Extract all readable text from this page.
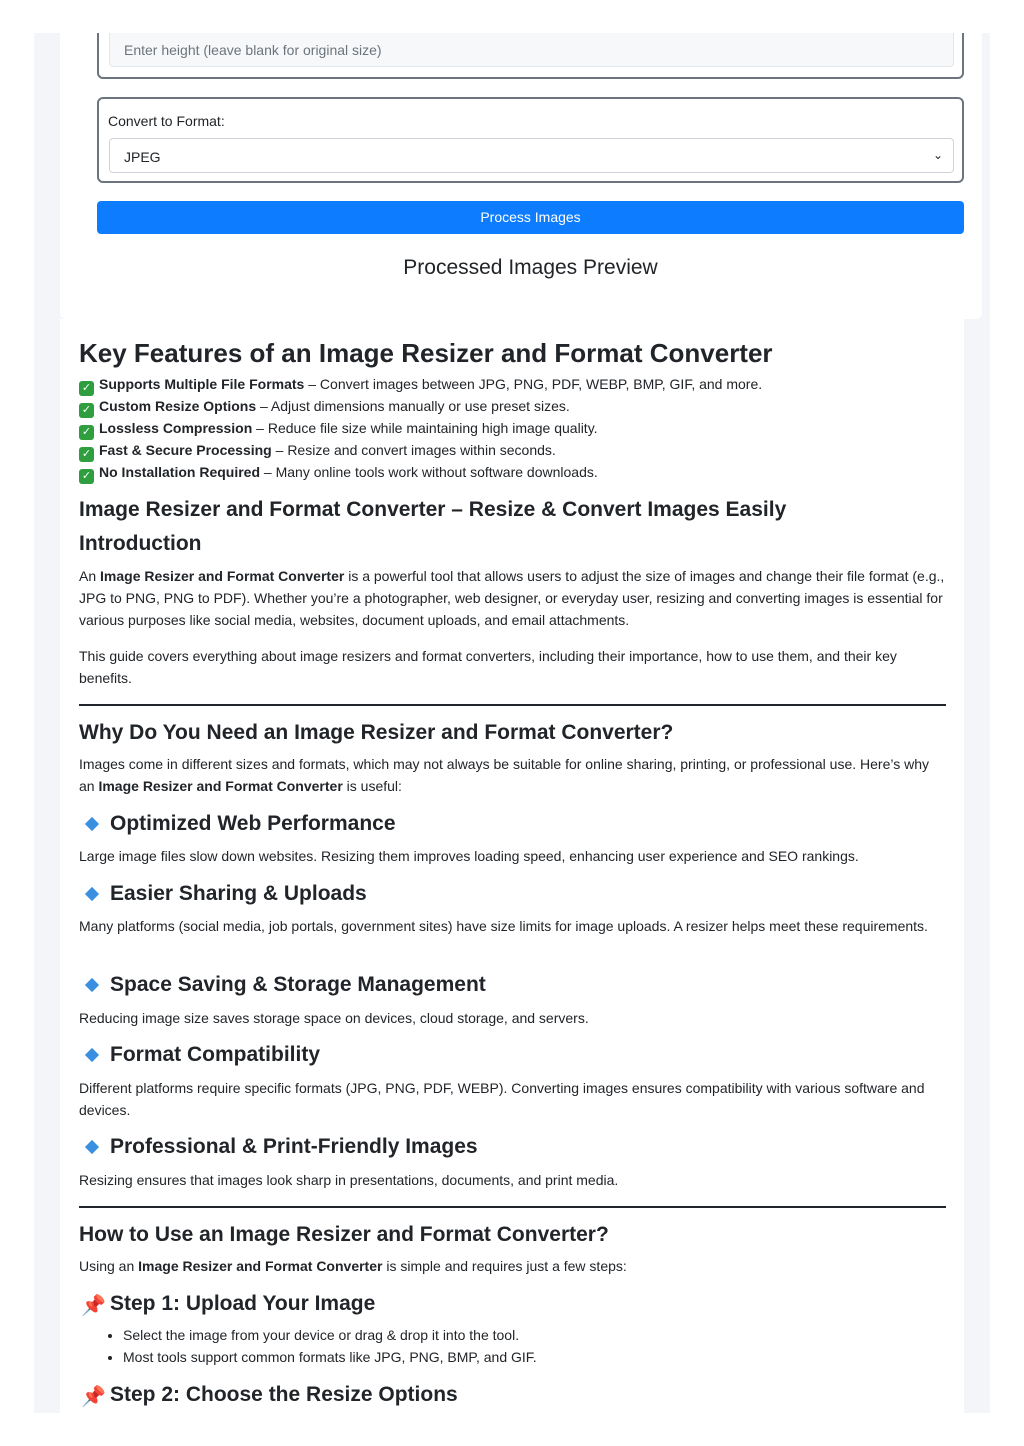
Enter height (leave blank for original size)
Convert to Format:
JPEG	⌄
Process Images
Processed Images Preview
Key Features of an Image Resizer and Format Converter
✓ Supports Multiple File Formats – Convert images between JPG, PNG, PDF, WEBP, BMP, GIF, and more.
✓ Custom Resize Options – Adjust dimensions manually or use preset sizes.
✓ Lossless Compression – Reduce file size while maintaining high image quality.
✓ Fast & Secure Processing – Resize and convert images within seconds.
✓ No Installation Required – Many online tools work without software downloads.
Image Resizer and Format Converter – Resize & Convert Images Easily
Introduction

An Image Resizer and Format Converter is a powerful tool that allows users to adjust the size of images and change their file format (e.g., JPG to PNG, PNG to PDF). Whether you’re a photographer, web designer, or everyday user, resizing and converting images is essential for various purposes like social media, websites, document uploads, and email attachments.

This guide covers everything about image resizers and format converters, including their importance, how to use them, and their key benefits.

Why Do You Need an Image Resizer and Format Converter?

Images come in different sizes and formats, which may not always be suitable for online sharing, printing, or professional use. Here’s why an Image Resizer and Format Converter is useful:

Optimized Web Performance

Large image files slow down websites. Resizing them improves loading speed, enhancing user experience and SEO rankings.

Easier Sharing & Uploads

Many platforms (social media, job portals, government sites) have size limits for image uploads. A resizer helps meet these requirements.

Space Saving & Storage Management

Reducing image size saves storage space on devices, cloud storage, and servers.

Format Compatibility

Different platforms require specific formats (JPG, PNG, PDF, WEBP). Converting images ensures compatibility with various software and devices.

Professional & Print-Friendly Images

Resizing ensures that images look sharp in presentations, documents, and print media.

How to Use an Image Resizer and Format Converter?

Using an Image Resizer and Format Converter is simple and requires just a few steps:

📌 Step 1: Upload Your Image
• Select the image from your device or drag & drop it into the tool.
• Most tools support common formats like JPG, PNG, BMP, and GIF.
📌 Step 2: Choose the Resize Options
